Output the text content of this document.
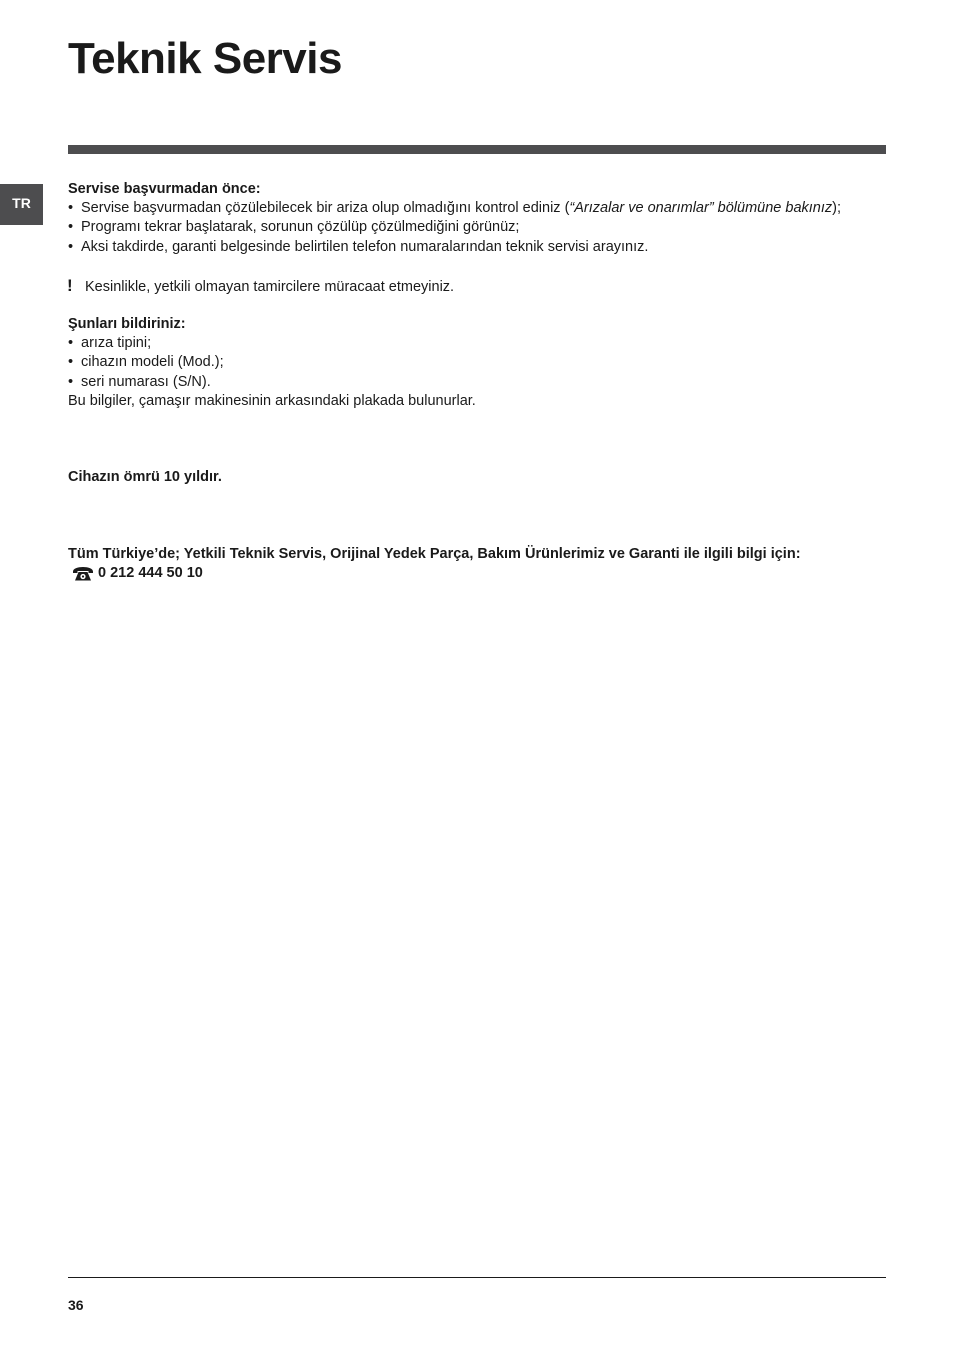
Teknik Servis
TR

Servise başvurmadan önce:

• Servise başvurmadan çözülebilecek bir ariza olup olmadığını kontrol ediniz (“Arızalar ve onarımlar” bölümüne bakınız);
• Programı tekrar başlatarak, sorunun çözülüp çözülmediğini görünüz;
• Aksi takdirde, garanti belgesinde belirtilen telefon numaralarından teknik servisi arayınız.
! Kesinlikle, yetkili olmayan tamircilere müracaat etmeyiniz.

Şunları bildiriniz:

• arıza tipini;
• cihazın modeli (Mod.);
• seri numarası (S/N).

Bu bilgiler, çamaşır makinesinin arkasındaki plakada bulunurlar.

Cihazın ömrü 10 yıldır.

Tüm Türkiye’de; Yetkili Teknik Servis, Orijinal Yedek Parça, Bakım Ürünlerimiz ve Garanti ile ilgili bilgi için:

0 212 444 50 10
36
